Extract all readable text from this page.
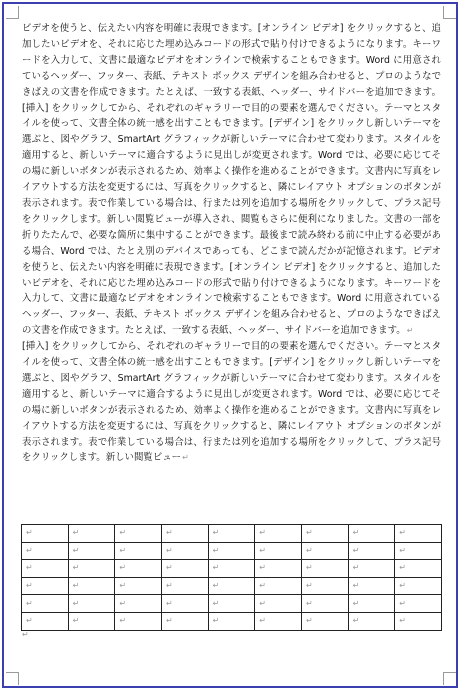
ビデオを使うと、伝えたい内容を明確に表現できます。[オンライン ビデオ] をクリックすると、追加したいビデオを、それに応じた埋め込みコードの形式で貼り付けできるようになります。キーワードを入力して、文書に最適なビデオをオンラインで検索することもできます。Word に用意されているヘッダー、フッター、表紙、テキスト ボックス デザインを組み合わせると、プロのようなできばえの文書を作成できます。たとえば、一致する表紙、ヘッダー、サイドバーを追加できます。[挿入] をクリックしてから、それぞれのギャラリーで目的の要素を選んでください。テーマとスタイルを使って、文書全体の統一感を出すこともできます。[デザイン] をクリックし新しいテーマを選ぶと、図やグラフ、SmartArt グラフィックが新しいテーマに合わせて変わります。スタイルを適用すると、新しいテーマに適合するように見出しが変更されます。Word では、必要に応じてその場に新しいボタンが表示されるため、効率よく操作を進めることができます。文書内に写真をレイアウトする方法を変更するには、写真をクリックすると、隣にレイアウト オプションのボタンが表示されます。表で作業している場合は、行または列を追加する場所をクリックして、プラス記号をクリックします。新しい閲覧ビューが導入され、閲覧もさらに便利になりました。文書の一部を折りたたんで、必要な箇所に集中することができます。最後まで読み終わる前に中止する必要がある場合、Word では、たとえ別のデバイスであっても、どこまで読んだかが記憶されます。ビデオを使うと、伝えたい内容を明確に表現できます。[オンライン ビデオ] をクリックすると、追加したいビデオを、それに応じた埋め込みコードの形式で貼り付けできるようになります。キーワードを入力して、文書に最適なビデオをオンラインで検索することもできます。Word に用意されているヘッダー、フッター、表紙、テキスト ボックス デザインを組み合わせると、プロのようなできばえの文書を作成できます。たとえば、一致する表紙、ヘッダー、サイドバーを追加できます。↵

[挿入] をクリックしてから、それぞれのギャラリーで目的の要素を選んでください。テーマとスタイルを使って、文書全体の統一感を出すこともできます。[デザイン] をクリックし新しいテーマを選ぶと、図やグラフ、SmartArt グラフィックが新しいテーマに合わせて変わります。スタイルを適用すると、新しいテーマに適合するように見出しが変更されます。Word では、必要に応じてその場に新しいボタンが表示されるため、効率よく操作を進めることができます。文書内に写真をレイアウトする方法を変更するには、写真をクリックすると、隣にレイアウト オプションのボタンが表示されます。表で作業している場合は、行または列を追加する場所をクリックして、プラス記号をクリックします。新しい閲覧ビュー↵

↵	↵	↵	↵	↵	↵	↵	↵	↵
↵	↵	↵	↵	↵	↵	↵	↵	↵
↵	↵	↵	↵	↵	↵	↵	↵	↵
↵	↵	↵	↵	↵	↵	↵	↵	↵
↵	↵	↵	↵	↵	↵	↵	↵	↵
↵	↵	↵	↵	↵	↵	↵	↵	↵
↵
